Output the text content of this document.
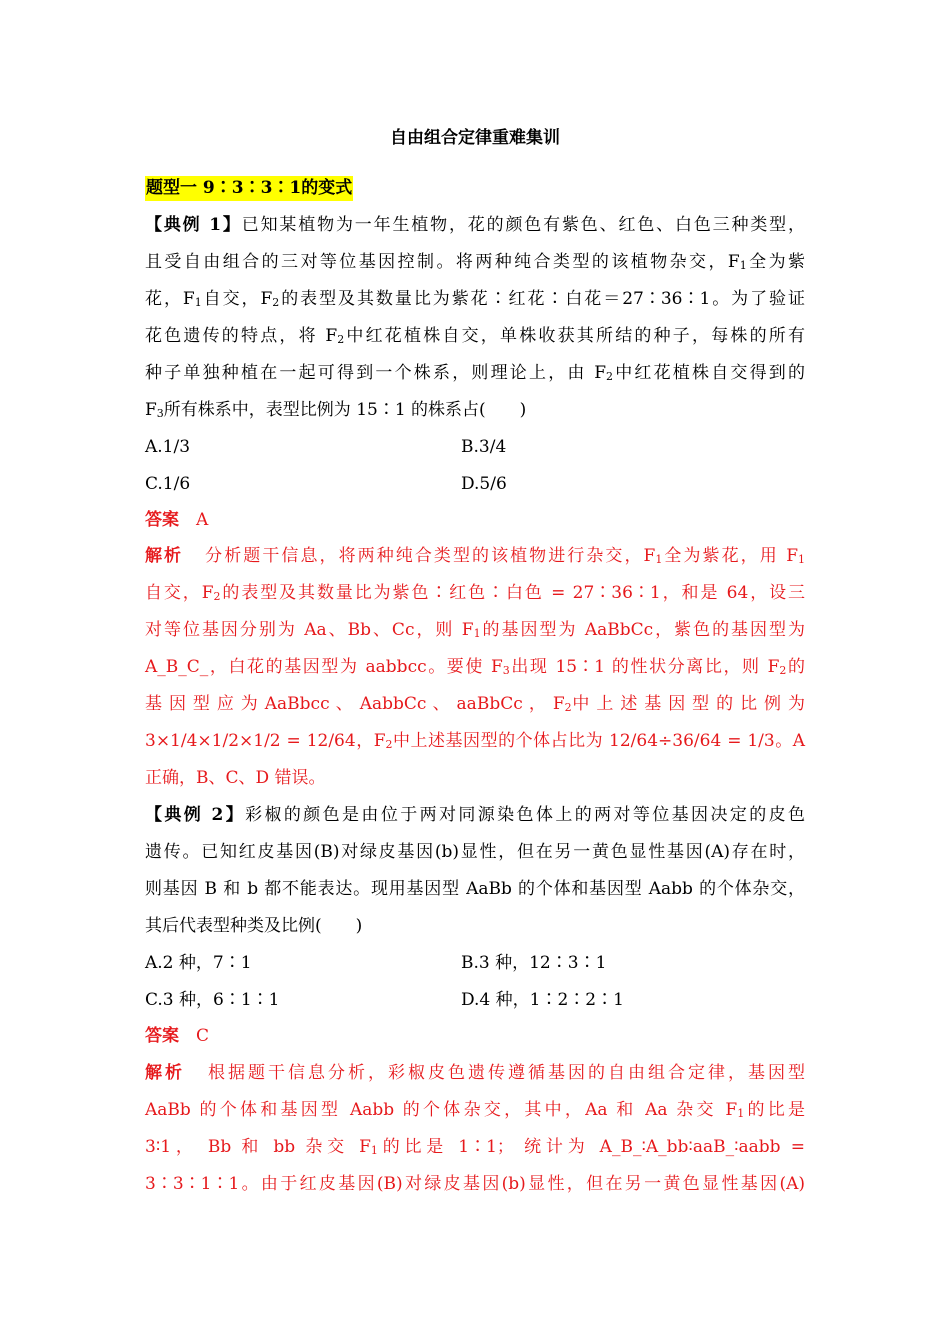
自由组合定律重难集训
题型一 9∶3∶3∶1的变式
【典例 1】已知某植物为一年生植物，花的颜色有紫色、红色、白色三种类型，
且受自由组合的三对等位基因控制。将两种纯合类型的该植物杂交，$F_1$全为紫
花，$F_1$自交，$F_2$的表型及其数量比为紫花∶红花∶白花＝27∶36∶1。为了验证
花色遗传的特点，将 $F_2$中红花植株自交，单株收获其所结的种子，每株的所有
种子单独种植在一起可得到一个株系，则理论上，由 $F_2$中红花植株自交得到的
$F_3$所有株系中，表型比例为 15∶1 的株系占(　　)
A.1/3	B.3/4
C.1/6	D.5/6
答案 A
解析 分析题干信息，将两种纯合类型的该植物进行杂交，$F_1$全为紫花，用 $F_1$
自交，$F_2$的表型及其数量比为紫色∶红色∶白色 = 27∶36∶1，和是 64，设三
对等位基因分别为 Aa、Bb、Cc，则 $F_1$的基因型为 AaBbCc，紫色的基因型为
A_B_C_，白花的基因型为 aabbcc。要使 $F_3$出现 15∶1 的性状分离比，则 $F_2$的
基 因 型 应 为 AaBbcc 、 AabbCc 、 aaBbCc ， $F_2$中 上 述 基 因 型 的 比 例 为
3×1/4×1/2×1/2 = 12/64，$F_2$中上述基因型的个体占比为 12/64÷36/64 = 1/3。A
正确，B、C、D 错误。
【典例 2】彩椒的颜色是由位于两对同源染色体上的两对等位基因决定的皮色
遗传。已知红皮基因(B)对绿皮基因(b)显性，但在另一黄色显性基因(A)存在时，
则基因 B 和 b 都不能表达。现用基因型 AaBb 的个体和基因型 Aabb 的个体杂交，
其后代表型种类及比例(　　)
A.2 种，7∶1	B.3 种，12∶3∶1
C.3 种，6∶1∶1	D.4 种，1∶2∶2∶1
答案 C
解析 根据题干信息分析，彩椒皮色遗传遵循基因的自由组合定律，基因型
AaBb 的个体和基因型 Aabb 的个体杂交，其中，Aa 和 Aa 杂交 $F_1$的比是
3∶1， Bb 和 bb 杂交 $F_1$的比是 1∶1； 统计为 A_B_∶A_bb∶aaB_∶aabb =
3∶3∶1∶1。由于红皮基因(B)对绿皮基因(b)显性，但在另一黄色显性基因(A)
